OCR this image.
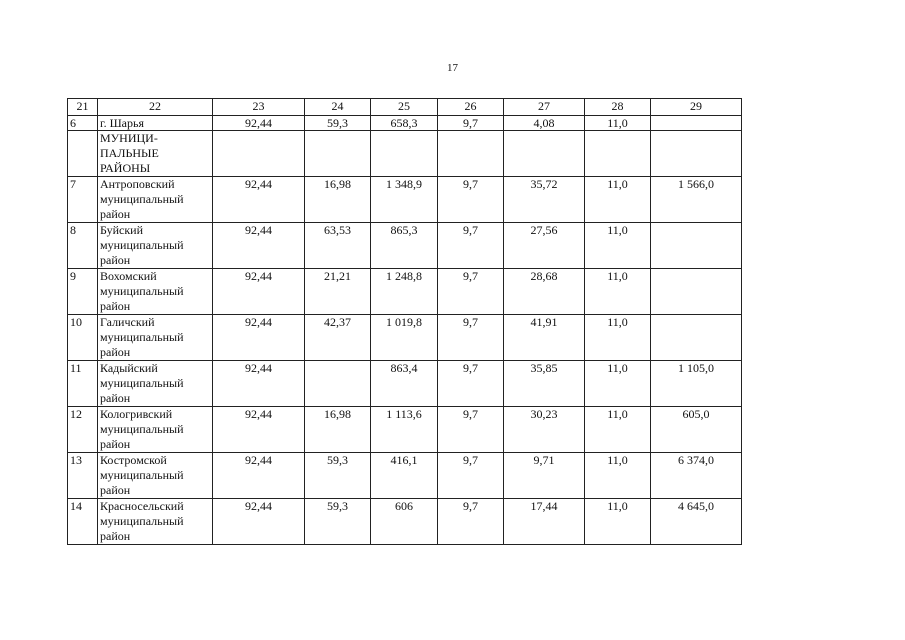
17
21	22	23	24	25	26	27	28	29
6	г. Шарья	92,44	59,3	658,3	9,7	4,08	11,0	
	МУНИЦИ-
ПАЛЬНЫЕ
РАЙОНЫ							
7	Антроповский
муниципальный
район	92,44	16,98	1 348,9	9,7	35,72	11,0	1 566,0
8	Буйский
муниципальный
район	92,44	63,53	865,3	9,7	27,56	11,0	
9	Вохомский
муниципальный
район	92,44	21,21	1 248,8	9,7	28,68	11,0	
10	Галичский
муниципальный
район	92,44	42,37	1 019,8	9,7	41,91	11,0	
11	Кадыйский
муниципальный
район	92,44		863,4	9,7	35,85	11,0	1 105,0
12	Кологривский
муниципальный
район	92,44	16,98	1 113,6	9,7	30,23	11,0	605,0
13	Костромской
муниципальный
район	92,44	59,3	416,1	9,7	9,71	11,0	6 374,0
14	Красносельский
муниципальный
район	92,44	59,3	606	9,7	17,44	11,0	4 645,0
